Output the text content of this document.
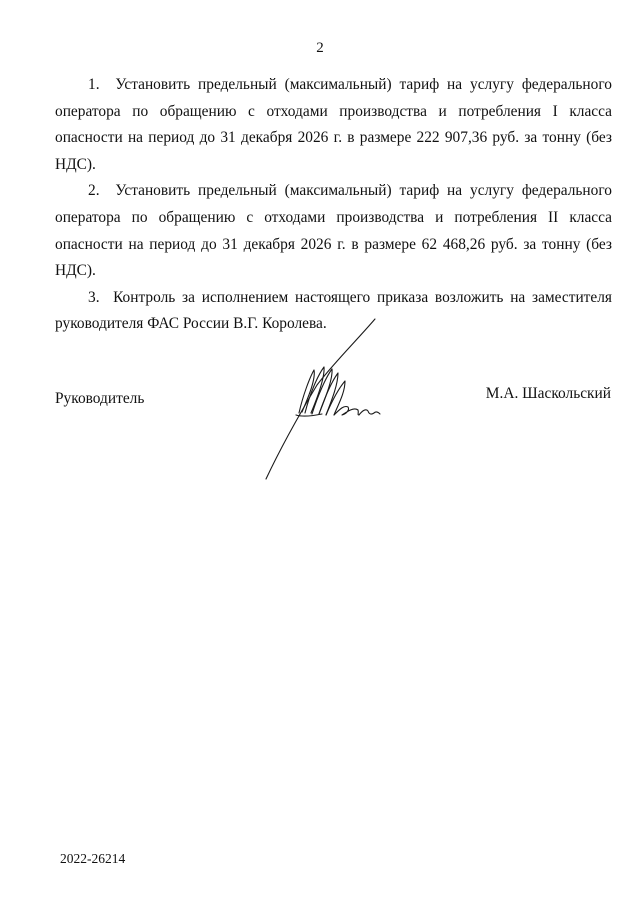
2

1. Установить предельный (максимальный) тариф на услугу федерального оператора по обращению с отходами производства и потребления I класса опасности на период до 31 декабря 2026 г. в размере 222 907,36 руб. за тонну (без НДС).

2. Установить предельный (максимальный) тариф на услугу федерального оператора по обращению с отходами производства и потребления II класса опасности на период до 31 декабря 2026 г. в размере 62 468,26 руб. за тонну (без НДС).

3. Контроль за исполнением настоящего приказа возложить на заместителя руководителя ФАС России В.Г. Королева.

Руководитель	М.А. Шаскольский
2022-26214
